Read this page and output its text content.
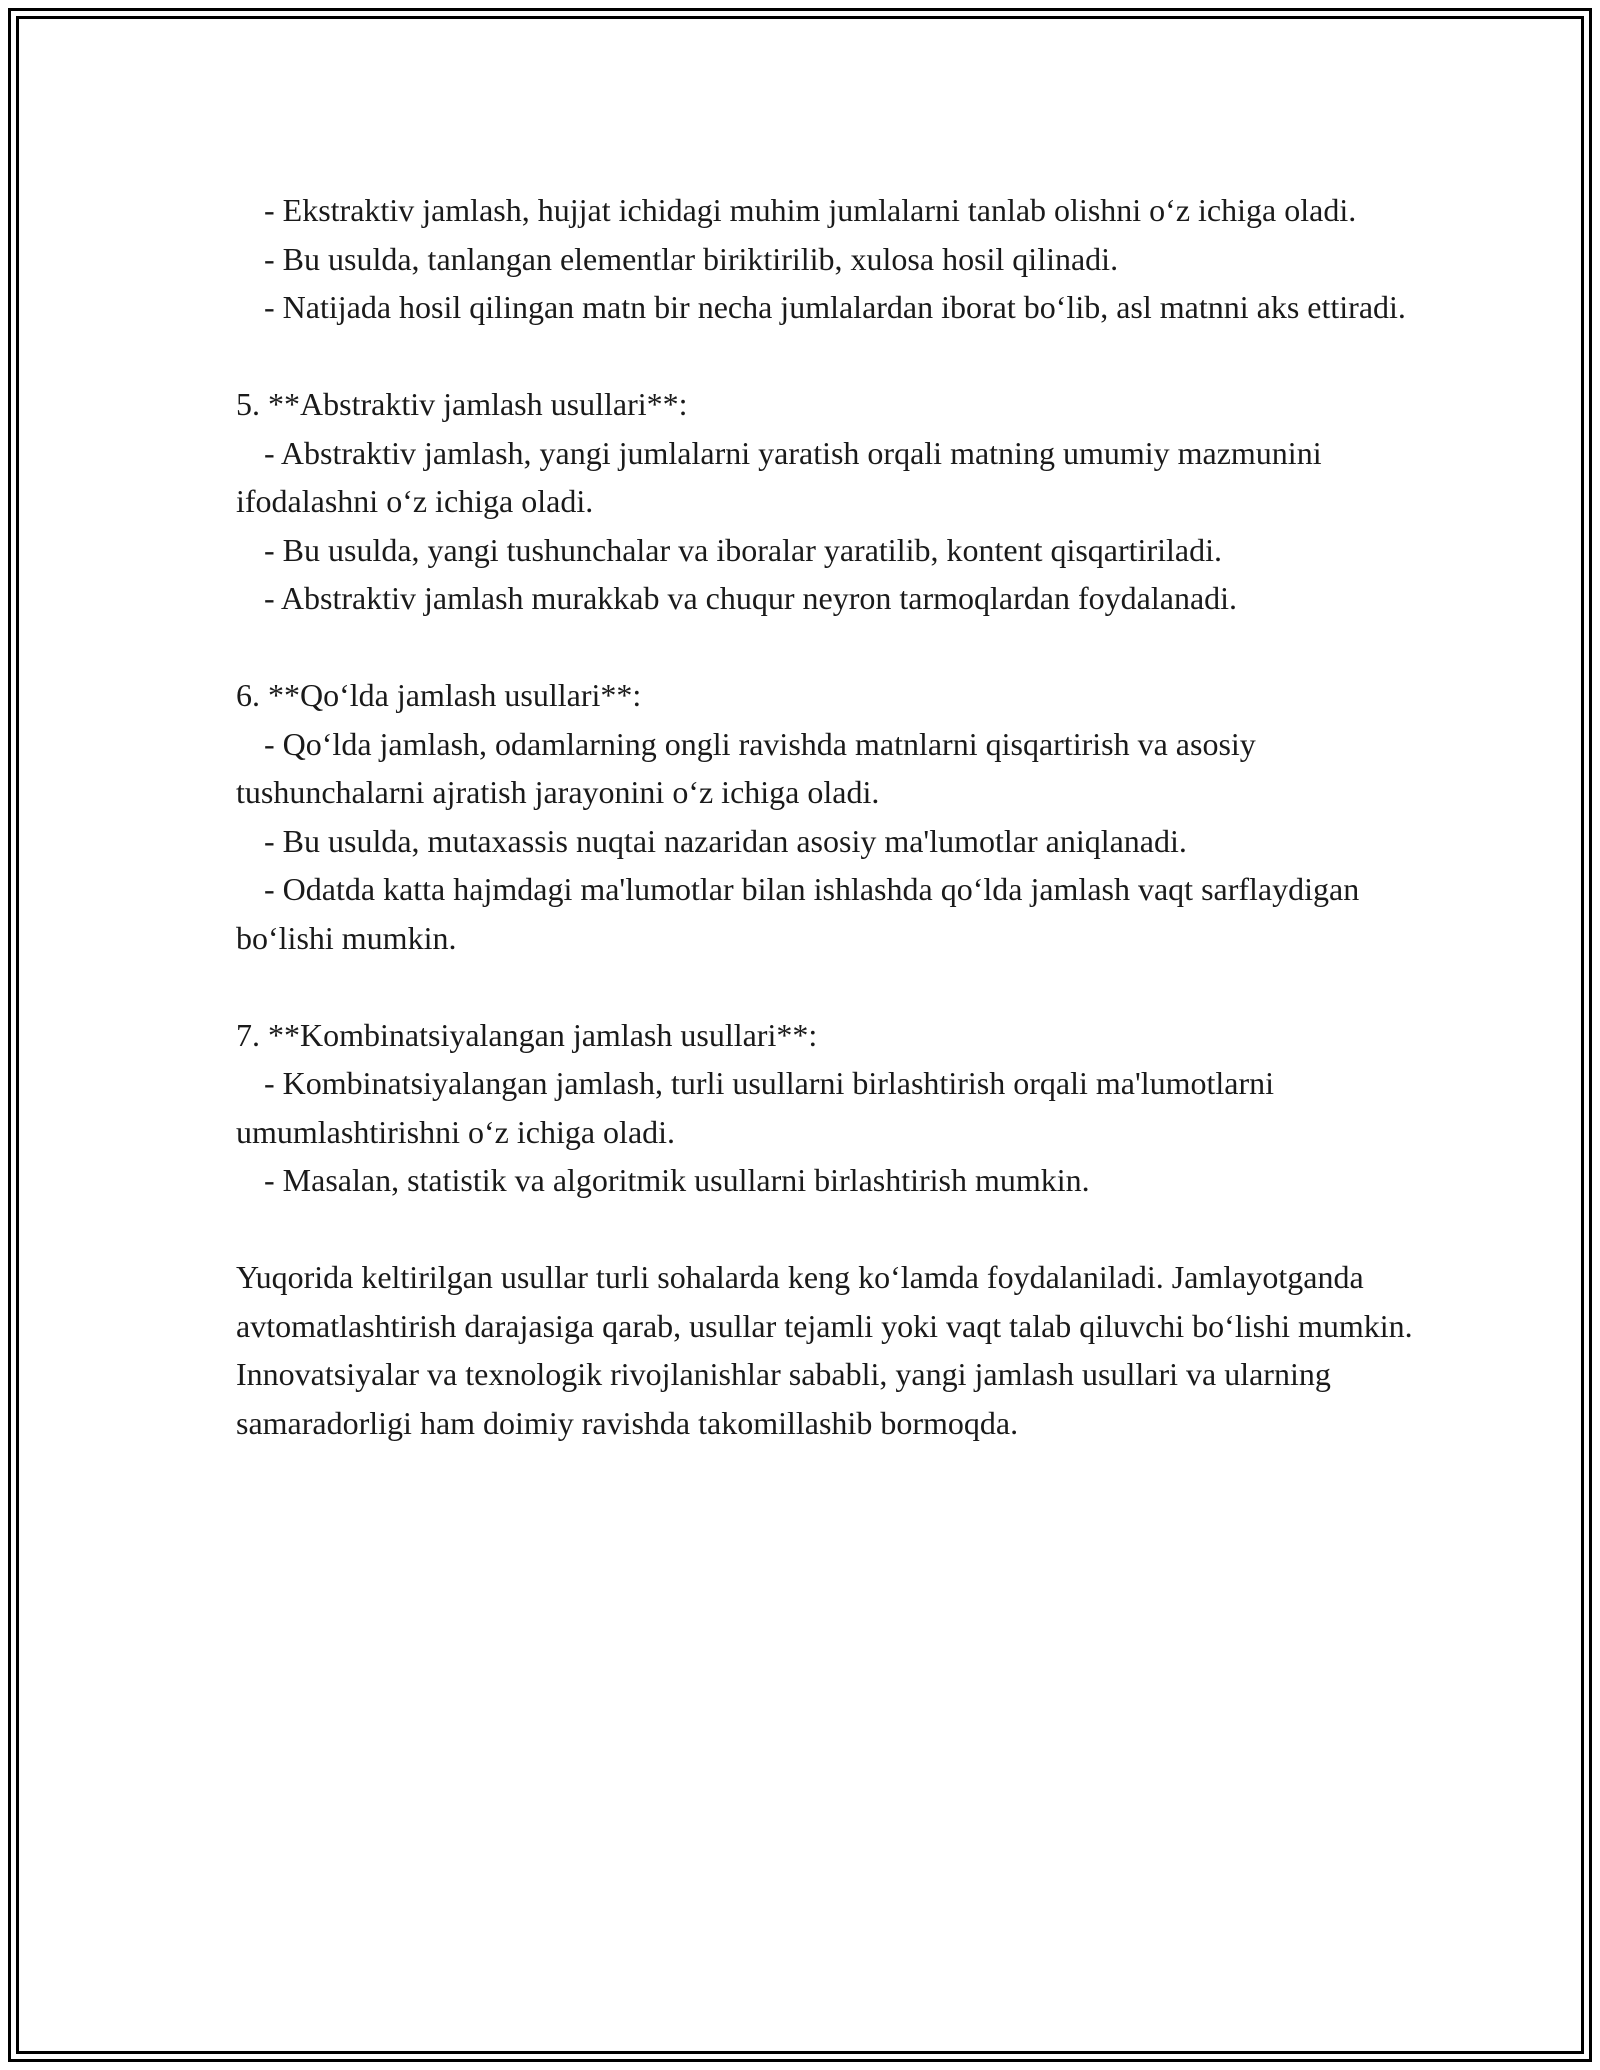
- Ekstraktiv jamlash, hujjat ichidagi muhim jumlalarni tanlab olishni o‘z ichiga oladi.

- Bu usulda, tanlangan elementlar biriktirilib, xulosa hosil qilinadi.

- Natijada hosil qilingan matn bir necha jumlalardan iborat bo‘lib, asl matnni aks ettiradi.

5. **Abstraktiv jamlash usullari**:

- Abstraktiv jamlash, yangi jumlalarni yaratish orqali matning umumiy mazmunini ifodalashni o‘z ichiga oladi.

- Bu usulda, yangi tushunchalar va iboralar yaratilib, kontent qisqartiriladi.

- Abstraktiv jamlash murakkab va chuqur neyron tarmoqlardan foydalanadi.

6. **Qo‘lda jamlash usullari**:

- Qo‘lda jamlash, odamlarning ongli ravishda matnlarni qisqartirish va asosiy tushunchalarni ajratish jarayonini o‘z ichiga oladi.

- Bu usulda, mutaxassis nuqtai nazaridan asosiy ma'lumotlar aniqlanadi.

- Odatda katta hajmdagi ma'lumotlar bilan ishlashda qo‘lda jamlash vaqt sarflaydigan bo‘lishi mumkin.

7. **Kombinatsiyalangan jamlash usullari**:

- Kombinatsiyalangan jamlash, turli usullarni birlashtirish orqali ma'lumotlarni umumlashtirishni o‘z ichiga oladi.

- Masalan, statistik va algoritmik usullarni birlashtirish mumkin.

Yuqorida keltirilgan usullar turli sohalarda keng ko‘lamda foydalaniladi. Jamlayotganda avtomatlashtirish darajasiga qarab, usullar tejamli yoki vaqt talab qiluvchi bo‘lishi mumkin. Innovatsiyalar va texnologik rivojlanishlar sababli, yangi jamlash usullari va ularning samaradorligi ham doimiy ravishda takomillashib bormoqda.
